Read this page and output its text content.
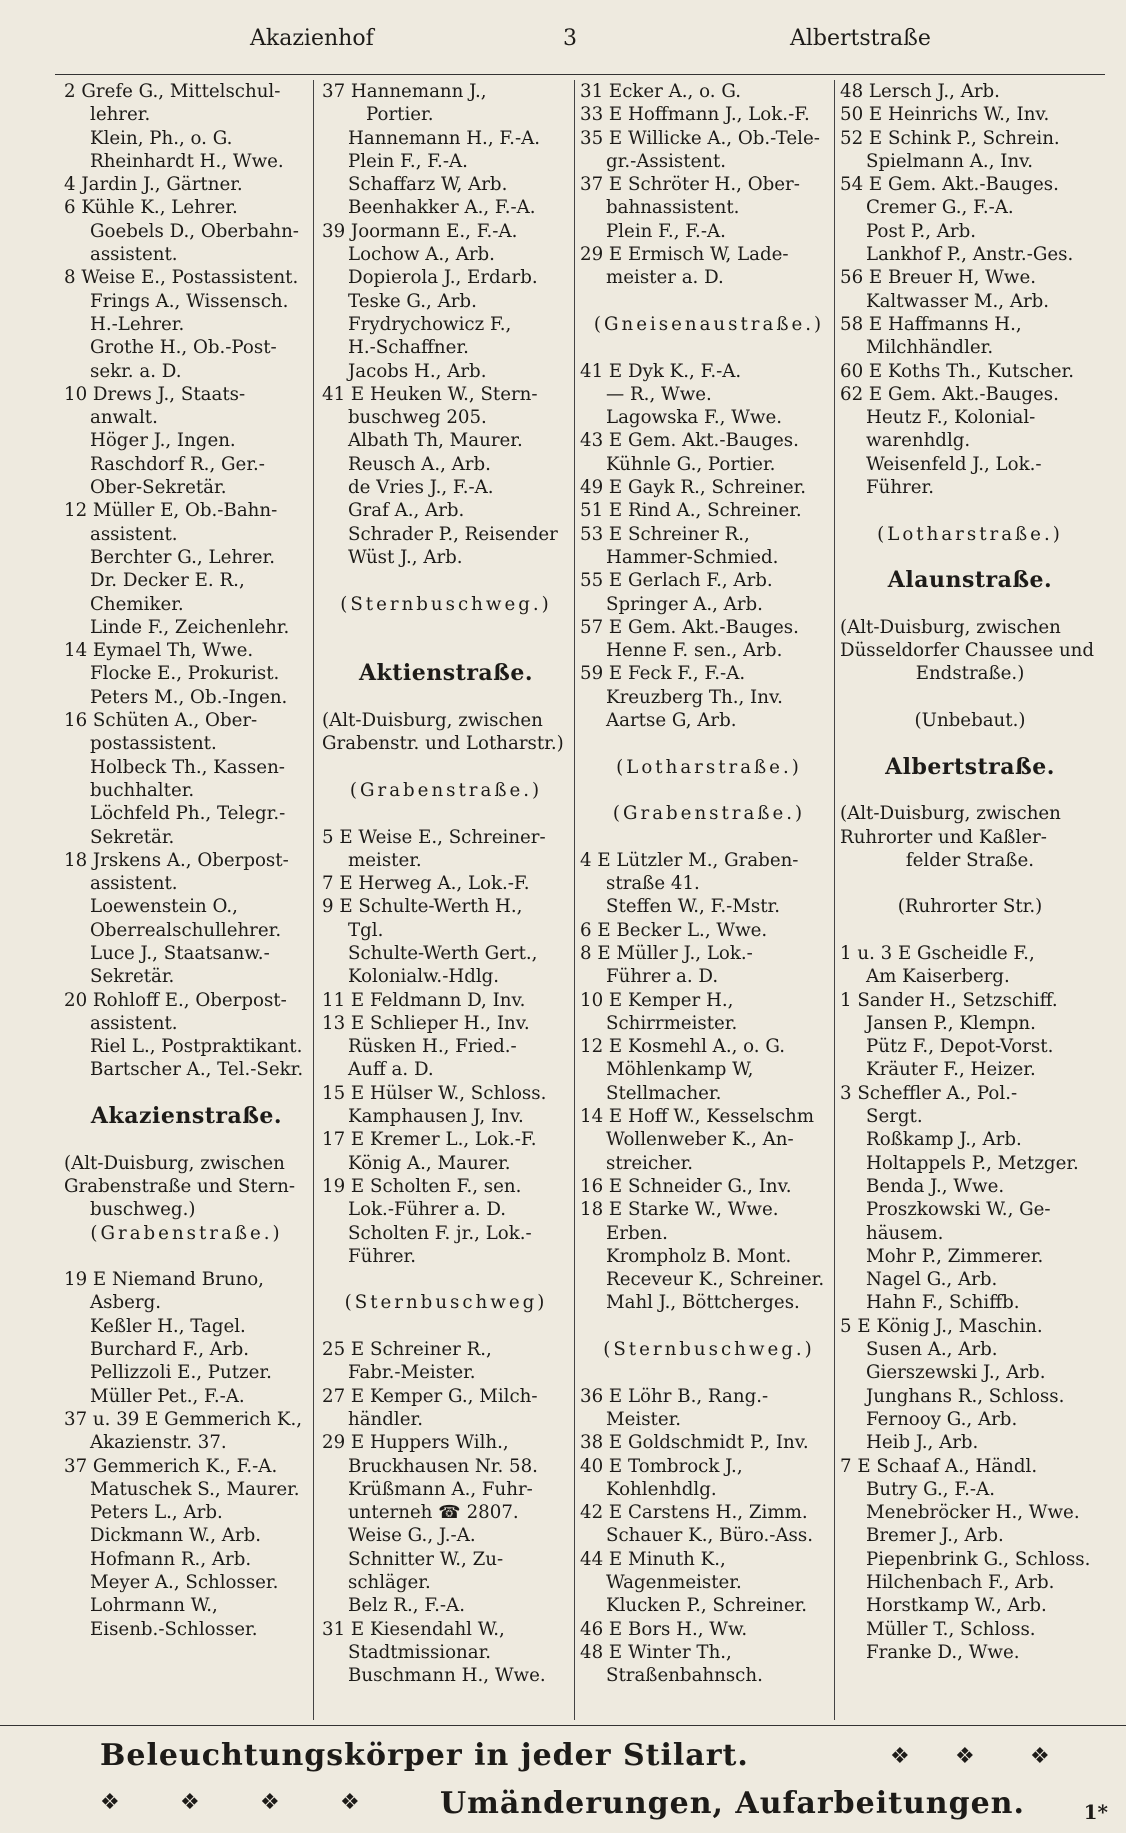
Akazienhof	3	Albertstraße
2 Grefe G., Mittelschul-
lehrer.
Klein, Ph., o. G.
Rheinhardt H., Wwe.
4 Jardin J., Gärtner.
6 Kühle K., Lehrer.
Goebels D., Oberbahn-
assistent.
8 Weise E., Postassistent.
Frings A., Wissensch.
H.-Lehrer.
Grothe H., Ob.-Post-
sekr. a. D.
10 Drews J., Staats-
anwalt.
Höger J., Ingen.
Raschdorf R., Ger.-
Ober-Sekretär.
12 Müller E, Ob.-Bahn-
assistent.
Berchter G., Lehrer.
Dr. Decker E. R.,
Chemiker.
Linde F., Zeichenlehr.
14 Eymael Th, Wwe.
Flocke E., Prokurist.
Peters M., Ob.-Ingen.
16 Schüten A., Ober-
postassistent.
Holbeck Th., Kassen-
buchhalter.
Löchfeld Ph., Telegr.-
Sekretär.
18 Jrskens A., Oberpost-
assistent.
Loewenstein O.,
Oberrealschullehrer.
Luce J., Staatsanw.-
Sekretär.
20 Rohloff E., Oberpost-
assistent.
Riel L., Postpraktikant.
Bartscher A., Tel.-Sekr.
Akazienstraße.
(Alt-Duisburg, zwischen
Grabenstraße und Stern-
buschweg.)
(Grabenstraße.)
19 E Niemand Bruno,
Asberg.
Keßler H., Tagel.
Burchard F., Arb.
Pellizzoli E., Putzer.
Müller Pet., F.-A.
37 u. 39 E Gemmerich K.,
Akazienstr. 37.
37 Gemmerich K., F.-A.
Matuschek S., Maurer.
Peters L., Arb.
Dickmann W., Arb.
Hofmann R., Arb.
Meyer A., Schlosser.
Lohrmann W.,
Eisenb.-Schlosser.
37 Hannemann J.,
Portier.
Hannemann H., F.-A.
Plein F., F.-A.
Schaffarz W, Arb.
Beenhakker A., F.-A.
39 Joormann E., F.-A.
Lochow A., Arb.
Dopierola J., Erdarb.
Teske G., Arb.
Frydrychowicz F.,
H.-Schaffner.
Jacobs H., Arb.
41 E Heuken W., Stern-
buschweg 205.
Albath Th, Maurer.
Reusch A., Arb.
de Vries J., F.-A.
Graf A., Arb.
Schrader P., Reisender
Wüst J., Arb.
(Sternbuschweg.)
Aktienstraße.
(Alt-Duisburg, zwischen
Grabenstr. und Lotharstr.)
(Grabenstraße.)
5 E Weise E., Schreiner-
meister.
7 E Herweg A., Lok.-F.
9 E Schulte-Werth H.,
Tgl.
Schulte-Werth Gert.,
Kolonialw.-Hdlg.
11 E Feldmann D, Inv.
13 E Schlieper H., Inv.
Rüsken H., Fried.-
Auff a. D.
15 E Hülser W., Schloss.
Kamphausen J, Inv.
17 E Kremer L., Lok.-F.
König A., Maurer.
19 E Scholten F., sen.
Lok.-Führer a. D.
Scholten F. jr., Lok.-
Führer.
(Sternbuschweg)
25 E Schreiner R.,
Fabr.-Meister.
27 E Kemper G., Milch-
händler.
29 E Huppers Wilh.,
Bruckhausen Nr. 58.
Krüßmann A., Fuhr-
unterneh ☎ 2807.
Weise G., J.-A.
Schnitter W., Zu-
schläger.
Belz R., F.-A.
31 E Kiesendahl W.,
Stadtmissionar.
Buschmann H., Wwe.
31 Ecker A., o. G.
33 E Hoffmann J., Lok.-F.
35 E Willicke A., Ob.-Tele-
gr.-Assistent.
37 E Schröter H., Ober-
bahnassistent.
Plein F., F.-A.
29 E Ermisch W, Lade-
meister a. D.
(Gneisenaustraße.)
41 E Dyk K., F.-A.
— R., Wwe.
Lagowska F., Wwe.
43 E Gem. Akt.-Bauges.
Kühnle G., Portier.
49 E Gayk R., Schreiner.
51 E Rind A., Schreiner.
53 E Schreiner R.,
Hammer-Schmied.
55 E Gerlach F., Arb.
Springer A., Arb.
57 E Gem. Akt.-Bauges.
Henne F. sen., Arb.
59 E Feck F., F.-A.
Kreuzberg Th., Inv.
Aartse G, Arb.
(Lotharstraße.)
(Grabenstraße.)
4 E Lützler M., Graben-
straße 41.
Steffen W., F.-Mstr.
6 E Becker L., Wwe.
8 E Müller J., Lok.-
Führer a. D.
10 E Kemper H.,
Schirrmeister.
12 E Kosmehl A., o. G.
Möhlenkamp W,
Stellmacher.
14 E Hoff W., Kesselschm
Wollenweber K., An-
streicher.
16 E Schneider G., Inv.
18 E Starke W., Wwe.
Erben.
Krompholz B. Mont.
Receveur K., Schreiner.
Mahl J., Böttcherges.
(Sternbuschweg.)
36 E Löhr B., Rang.-
Meister.
38 E Goldschmidt P., Inv.
40 E Tombrock J.,
Kohlenhdlg.
42 E Carstens H., Zimm.
Schauer K., Büro.-Ass.
44 E Minuth K.,
Wagenmeister.
Klucken P., Schreiner.
46 E Bors H., Ww.
48 E Winter Th.,
Straßenbahnsch.
48 Lersch J., Arb.
50 E Heinrichs W., Inv.
52 E Schink P., Schrein.
Spielmann A., Inv.
54 E Gem. Akt.-Bauges.
Cremer G., F.-A.
Post P., Arb.
Lankhof P., Anstr.-Ges.
56 E Breuer H, Wwe.
Kaltwasser M., Arb.
58 E Haffmanns H.,
Milchhändler.
60 E Koths Th., Kutscher.
62 E Gem. Akt.-Bauges.
Heutz F., Kolonial-
warenhdlg.
Weisenfeld J., Lok.-
Führer.
(Lotharstraße.)
Alaunstraße.
(Alt-Duisburg, zwischen
Düsseldorfer Chaussee und
Endstraße.)
(Unbebaut.)
Albertstraße.
(Alt-Duisburg, zwischen
Ruhrorter und Kaßler-
felder Straße.
(Ruhrorter Str.)
1 u. 3 E Gscheidle F.,
Am Kaiserberg.
1 Sander H., Setzschiff.
Jansen P., Klempn.
Pütz F., Depot-Vorst.
Kräuter F., Heizer.
3 Scheffler A., Pol.-
Sergt.
Roßkamp J., Arb.
Holtappels P., Metzger.
Benda J., Wwe.
Proszkowski W., Ge-
häusem.
Mohr P., Zimmerer.
Nagel G., Arb.
Hahn F., Schiffb.
5 E König J., Maschin.
Susen A., Arb.
Gierszewski J., Arb.
Junghans R., Schloss.
Fernooy G., Arb.
Heib J., Arb.
7 E Schaaf A., Händl.
Butry G., F.-A.
Menebröcker H., Wwe.
Bremer J., Arb.
Piepenbrink G., Schloss.
Hilchenbach F., Arb.
Horstkamp W., Arb.
Müller T., Schloss.
Franke D., Wwe.
Beleuchtungskörper in jeder Stilart.	❖ ❖	❖
❖	❖	❖	❖	Umänderungen, Aufarbeitungen.	1*
